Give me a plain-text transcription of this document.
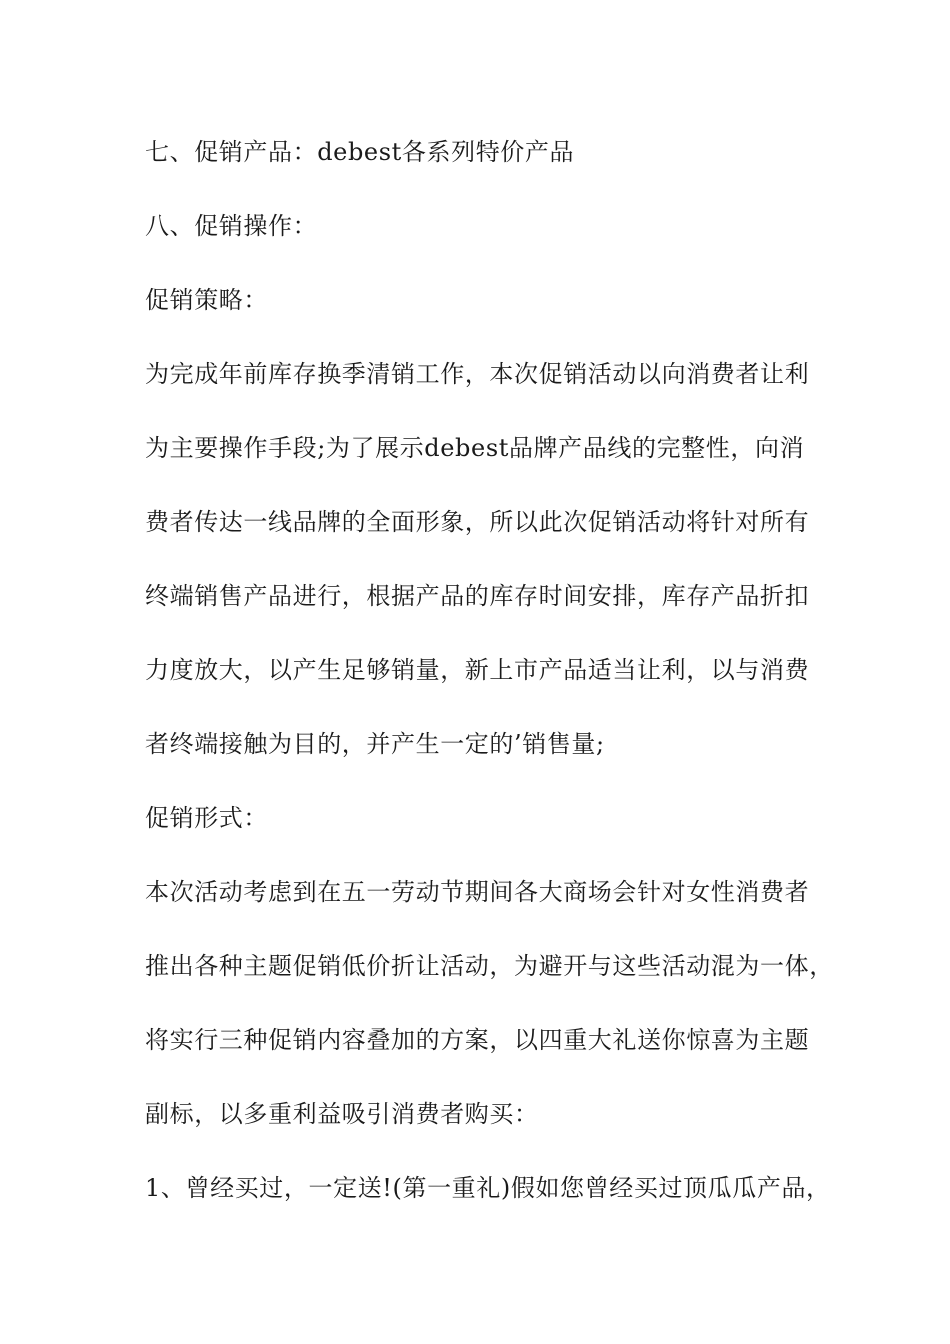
七、促销产品：debest各系列特价产品
八、促销操作：
促销策略：
为完成年前库存换季清销工作，本次促销活动以向消费者让利
为主要操作手段;为了展示debest品牌产品线的完整性，向消
费者传达一线品牌的全面形象，所以此次促销活动将针对所有
终端销售产品进行，根据产品的库存时间安排，库存产品折扣
力度放大，以产生足够销量，新上市产品适当让利，以与消费
者终端接触为目的，并产生一定的’销售量;
促销形式：
本次活动考虑到在五一劳动节期间各大商场会针对女性消费者
推出各种主题促销低价折让活动，为避开与这些活动混为一体，
将实行三种促销内容叠加的方案，以四重大礼送你惊喜为主题
副标，以多重利益吸引消费者购买：
1、曾经买过，一定送!(第一重礼)假如您曾经买过顶瓜瓜产品，
